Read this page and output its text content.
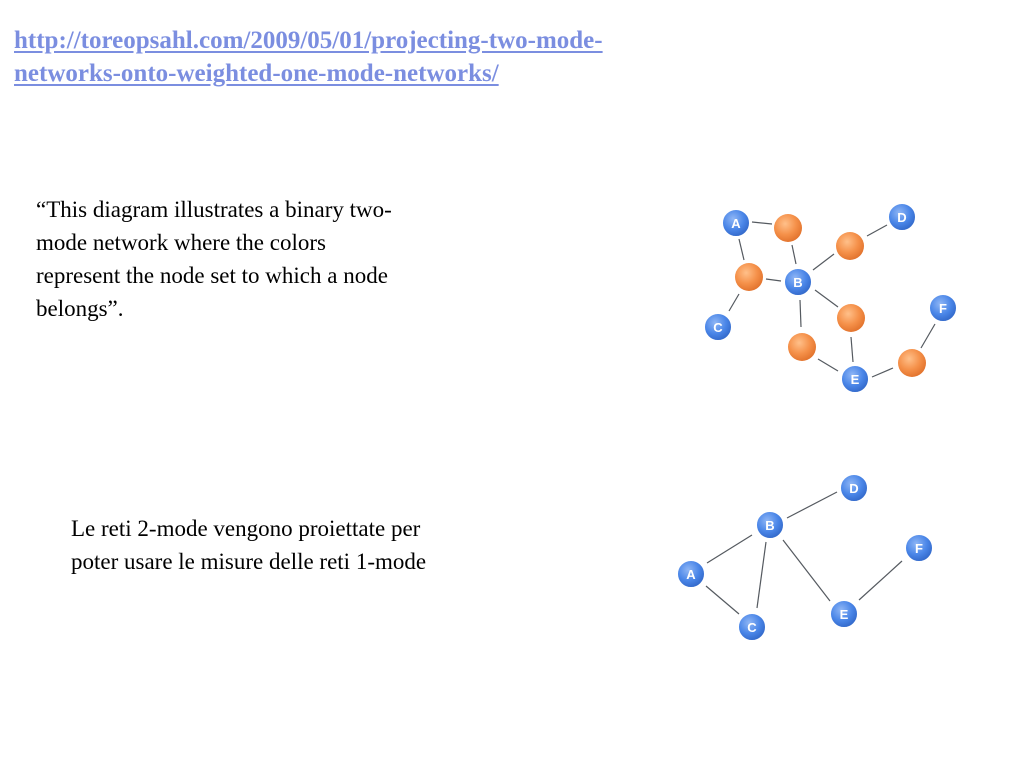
http://toreopsahl.com/2009/05/01/projecting-two-mode-
networks-onto-weighted-one-mode-networks/
“This diagram illustrates a binary two-
mode network where the colors
represent the node set to which a node
belongs”.
Le reti 2-mode vengono proiettate per
poter usare le misure delle reti 1-mode
A	D
B
C
F
E
D
B
F
A
E
C
